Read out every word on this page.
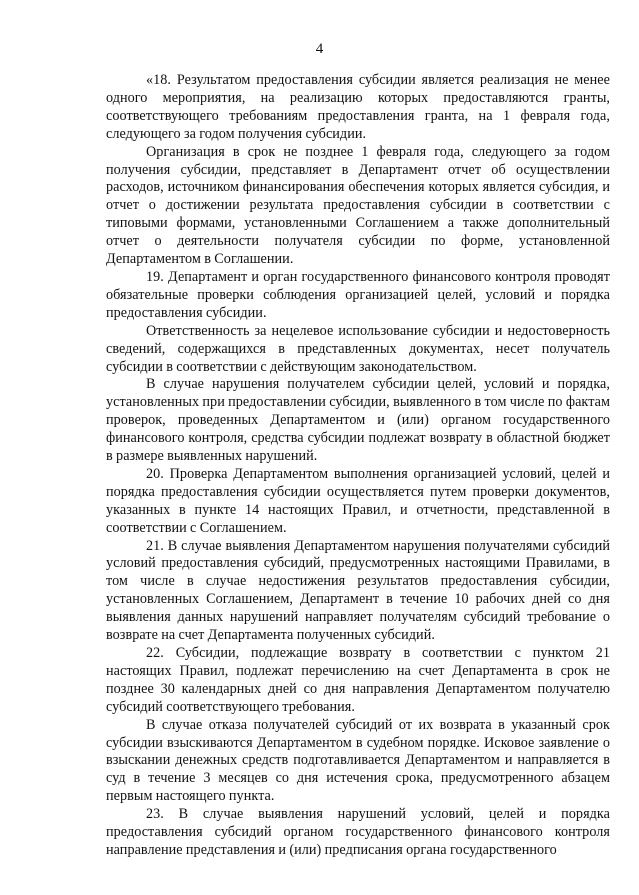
4

«18. Результатом предоставления субсидии является реализация не менее одного мероприятия, на реализацию которых предоставляются гранты, соответствующего требованиям предоставления гранта, на 1 февраля года, следующего за годом получения субсидии.

Организация в срок не позднее 1 февраля года, следующего за годом получения субсидии, представляет в Департамент отчет об осуществлении расходов, источником финансирования обеспечения которых является субсидия, и отчет о достижении результата предоставления субсидии в соответствии с типовыми формами, установленными Соглашением а также дополнительный отчет о деятельности получателя субсидии по форме, установленной Департаментом в Соглашении.

19. Департамент и орган государственного финансового контроля проводят обязательные проверки соблюдения организацией целей, условий и порядка предоставления субсидии.

Ответственность за нецелевое использование субсидии и недостоверность сведений, содержащихся в представленных документах, несет получатель субсидии в соответствии с действующим законодательством.

В случае нарушения получателем субсидии целей, условий и порядка, установленных при предоставлении субсидии, выявленного в том числе по фактам проверок, проведенных Департаментом и (или) органом государственного финансового контроля, средства субсидии подлежат возврату в областной бюджет в размере выявленных нарушений.

20. Проверка Департаментом выполнения организацией условий, целей и порядка предоставления субсидии осуществляется путем проверки документов, указанных в пункте 14 настоящих Правил, и отчетности, представленной в соответствии с Соглашением.

21. В случае выявления Департаментом нарушения получателями субсидий условий предоставления субсидий, предусмотренных настоящими Правилами, в том числе в случае недостижения результатов предоставления субсидии, установленных Соглашением, Департамент в течение 10 рабочих дней со дня выявления данных нарушений направляет получателям субсидий требование о возврате на счет Департамента полученных субсидий.

22. Субсидии, подлежащие возврату в соответствии с пунктом 21 настоящих Правил, подлежат перечислению на счет Департамента в срок не позднее 30 календарных дней со дня направления Департаментом получателю субсидий соответствующего требования.

В случае отказа получателей субсидий от их возврата в указанный срок субсидии взыскиваются Департаментом в судебном порядке. Исковое заявление о взыскании денежных средств подготавливается Департаментом и направляется в суд в течение 3 месяцев со дня истечения срока, предусмотренного абзацем первым настоящего пункта.

23. В случае выявления нарушений условий, целей и порядка предоставления субсидий органом государственного финансового контроля направление представления и (или) предписания органа государственного
